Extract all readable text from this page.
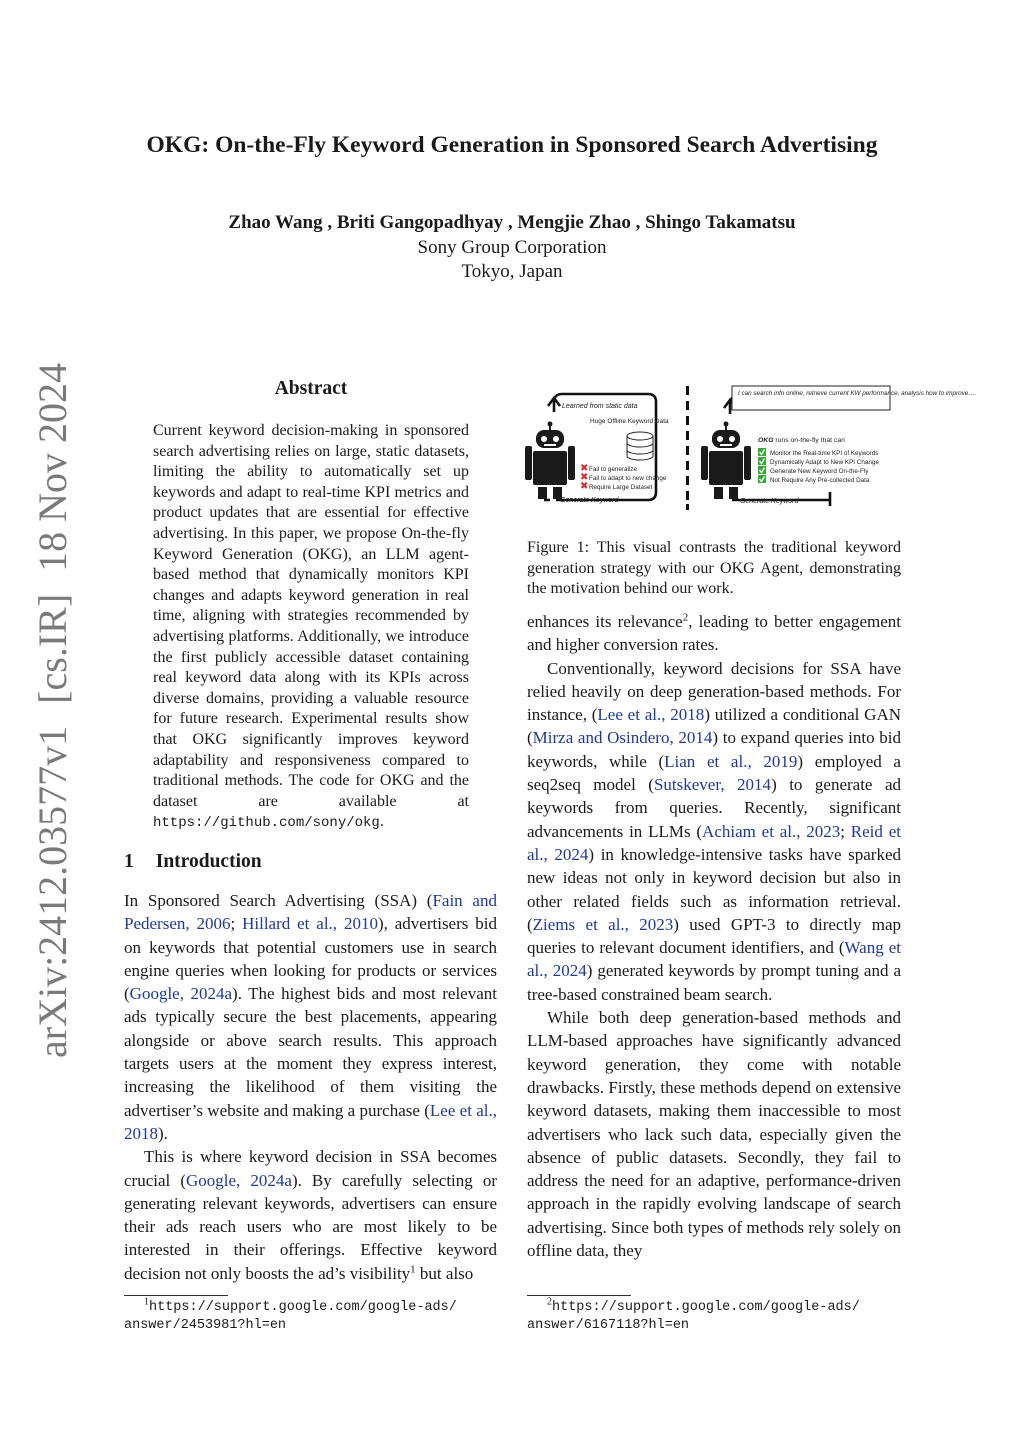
arXiv:2412.03577v1
[cs.IR]
18 Nov 2024
OKG: On-the-Fly Keyword Generation in Sponsored Search Advertising
Zhao Wang , Briti Gangopadhyay , Mengjie Zhao , Shingo Takamatsu
Sony Group Corporation
Tokyo, Japan
Abstract
Current keyword decision-making in sponsored search advertising relies on large, static datasets, limiting the ability to automatically set up keywords and adapt to real-time KPI metrics and product updates that are essential for effective advertising. In this paper, we propose On-the-fly Keyword Generation (OKG), an LLM agent-based method that dynamically monitors KPI changes and adapts keyword generation in real time, aligning with strategies recommended by advertising platforms. Additionally, we introduce the first publicly accessible dataset containing real keyword data along with its KPIs across diverse domains, providing a valuable resource for future research. Experimental results show that OKG significantly improves keyword adaptability and responsiveness compared to traditional methods. The code for OKG and the dataset are available at https://github.com/sony/okg.
1 Introduction

In Sponsored Search Advertising (SSA) (Fain and Pedersen, 2006; Hillard et al., 2010), advertisers bid on keywords that potential customers use in search engine queries when looking for products or services (Google, 2024a). The highest bids and most relevant ads typically secure the best placements, appearing alongside or above search results. This approach targets users at the moment they express interest, increasing the likelihood of them visiting the advertiser’s website and making a purchase (Lee et al., 2018).

This is where keyword decision in SSA becomes crucial (Google, 2024a). By carefully selecting or generating relevant keywords, advertisers can ensure their ads reach users who are most likely to be interested in their offerings. Effective keyword decision not only boosts the ad’s visibility$^1$ but also

$^1$https://support.google.com/google-ads/
answer/2453981?hl=en
Learned from static data
Huge Offline Keyword Data
✖ Fail to generalize
✖ Fail to adapt to new change
✖ Require Large Dataset
Generate Keyword
I can search info online, retrieve current KW performance, analysis how to improve….
OKG runs on-the-fly that can
Monitor the Real-time KPI of Keywords
Dynamically Adapt to New KPI Change
Generate New Keyword On-the-Fly
Not Require Any Pre-collected Data
Generate Keyword
Figure 1: This visual contrasts the traditional keyword generation strategy with our OKG Agent, demonstrating the motivation behind our work.

enhances its relevance$^2$, leading to better engagement and higher conversion rates.

Conventionally, keyword decisions for SSA have relied heavily on deep generation-based methods. For instance, (Lee et al., 2018) utilized a conditional GAN (Mirza and Osindero, 2014) to expand queries into bid keywords, while (Lian et al., 2019) employed a seq2seq model (Sutskever, 2014) to generate ad keywords from queries. Recently, significant advancements in LLMs (Achiam et al., 2023; Reid et al., 2024) in knowledge-intensive tasks have sparked new ideas not only in keyword decision but also in other related fields such as information retrieval. (Ziems et al., 2023) used GPT-3 to directly map queries to relevant document identifiers, and (Wang et al., 2024) generated keywords by prompt tuning and a tree-based constrained beam search.

While both deep generation-based methods and LLM-based approaches have significantly advanced keyword generation, they come with notable drawbacks. Firstly, these methods depend on extensive keyword datasets, making them inaccessible to most advertisers who lack such data, especially given the absence of public datasets. Secondly, they fail to address the need for an adaptive, performance-driven approach in the rapidly evolving landscape of search advertising. Since both types of methods rely solely on offline data, they

$^2$https://support.google.com/google-ads/
answer/6167118?hl=en
